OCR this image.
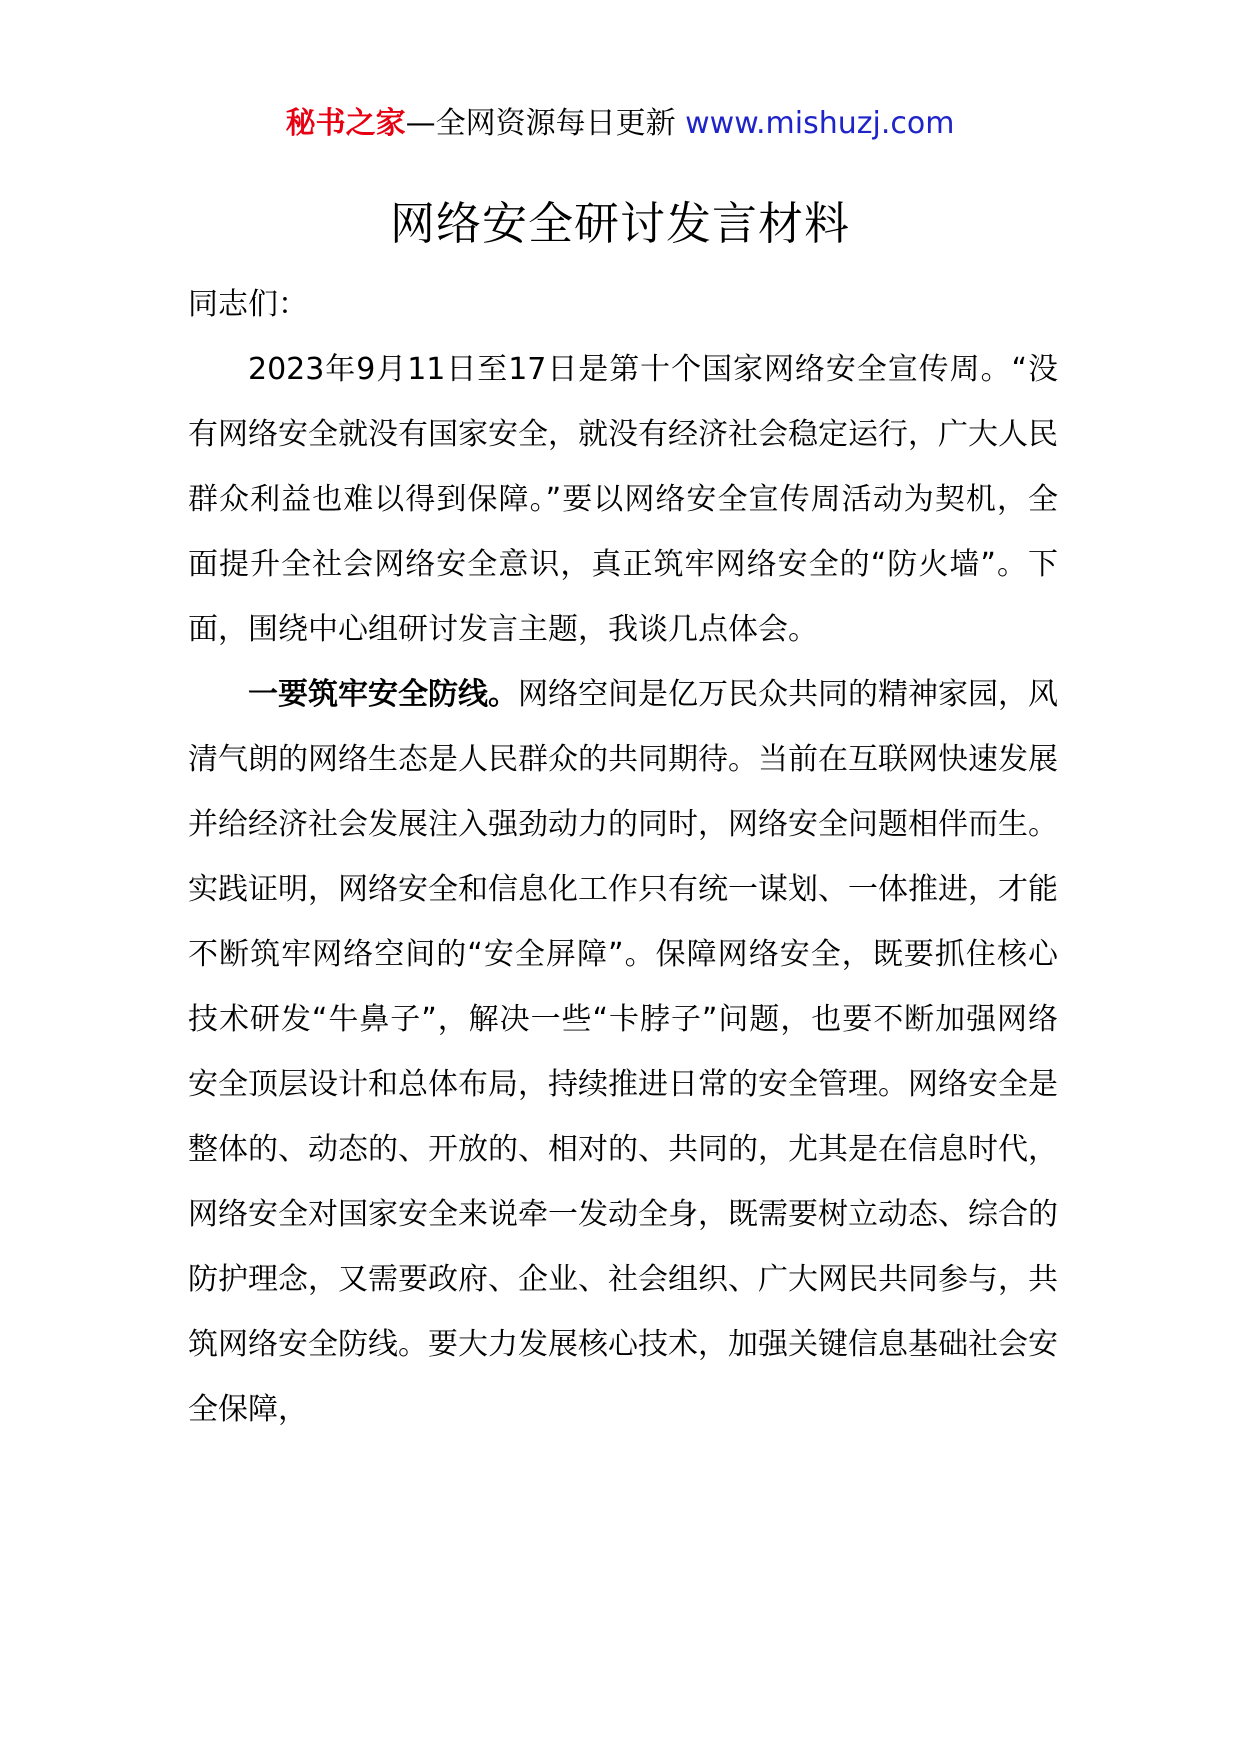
秘书之家—全网资源每日更新 www.mishuzj.com
网络安全研讨发言材料

同志们：

2023年9月11日至17日是第十个国家网络安全宣传周。“没有网络安全就没有国家安全，就没有经济社会稳定运行，广大人民群众利益也难以得到保障。”要以网络安全宣传周活动为契机，全面提升全社会网络安全意识，真正筑牢网络安全的“防火墙”。下面，围绕中心组研讨发言主题，我谈几点体会。

一要筑牢安全防线。网络空间是亿万民众共同的精神家园，风清气朗的网络生态是人民群众的共同期待。当前在互联网快速发展并给经济社会发展注入强劲动力的同时，网络安全问题相伴而生。实践证明，网络安全和信息化工作只有统一谋划、一体推进，才能不断筑牢网络空间的“安全屏障”。保障网络安全，既要抓住核心技术研发“牛鼻子”，解决一些“卡脖子”问题，也要不断加强网络安全顶层设计和总体布局，持续推进日常的安全管理。网络安全是整体的、动态的、开放的、相对的、共同的，尤其是在信息时代，网络安全对国家安全来说牵一发动全身，既需要树立动态、综合的防护理念，又需要政府、企业、社会组织、广大网民共同参与，共筑网络安全防线。要大力发展核心技术，加强关键信息基础社会安全保障，
